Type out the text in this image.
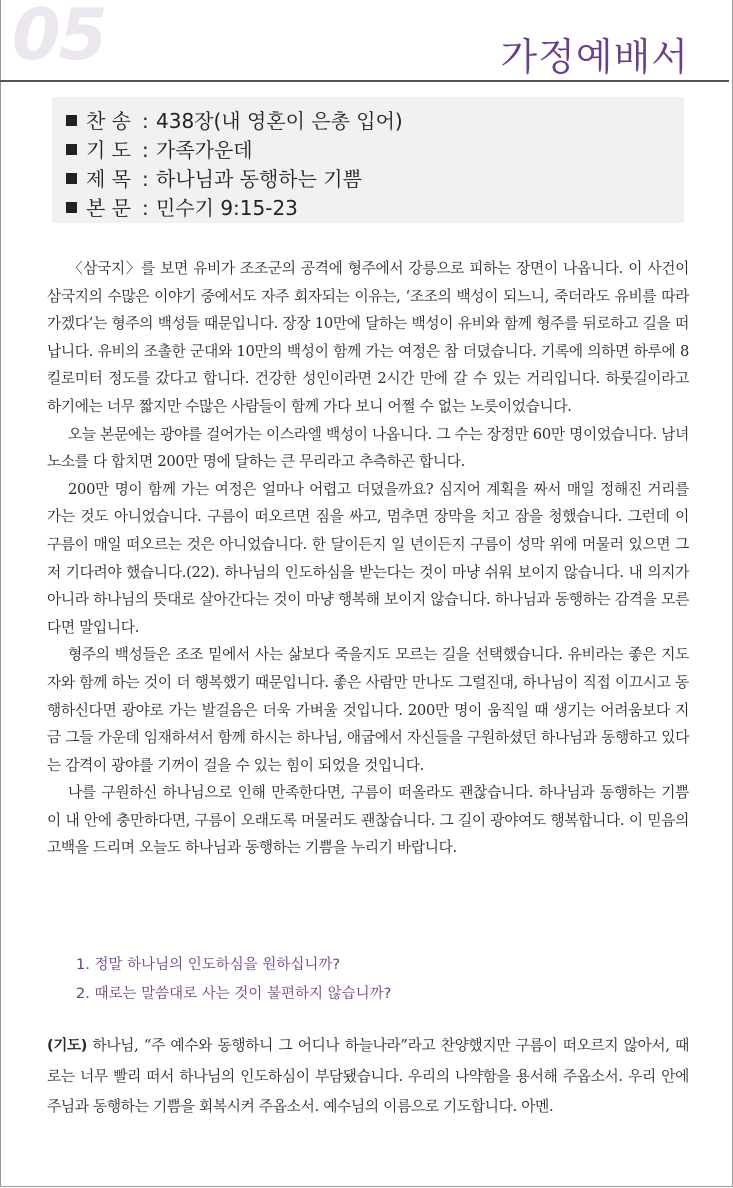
05	가정예배서
찬 송 : 438장(내 영혼이 은총 입어)
기 도 : 가족가운데
제 목 : 하나님과 동행하는 기쁨
본 문 : 민수기 9:15-23

〈삼국지〉를 보면 유비가 조조군의 공격에 형주에서 강릉으로 피하는 장면이 나옵니다. 이 사건이 삼국지의 수많은 이야기 중에서도 자주 회자되는 이유는, ‘조조의 백성이 되느니, 죽더라도 유비를 따라가겠다’는 형주의 백성들 때문입니다. 장장 10만에 달하는 백성이 유비와 함께 형주를 뒤로하고 길을 떠납니다. 유비의 조촐한 군대와 10만의 백성이 함께 가는 여정은 참 더뎠습니다. 기록에 의하면 하루에 8킬로미터 정도를 갔다고 합니다. 건강한 성인이라면 2시간 만에 갈 수 있는 거리입니다. 하룻길이라고 하기에는 너무 짧지만 수많은 사람들이 함께 가다 보니 어쩔 수 없는 노릇이었습니다.

오늘 본문에는 광야를 걸어가는 이스라엘 백성이 나옵니다. 그 수는 장정만 60만 명이었습니다. 남녀노소를 다 합치면 200만 명에 달하는 큰 무리라고 추측하곤 합니다.

200만 명이 함께 가는 여정은 얼마나 어렵고 더뎠을까요? 심지어 계획을 짜서 매일 정해진 거리를 가는 것도 아니었습니다. 구름이 떠오르면 짐을 싸고, 멈추면 장막을 치고 잠을 청했습니다. 그런데 이 구름이 매일 떠오르는 것은 아니었습니다. 한 달이든지 일 년이든지 구름이 성막 위에 머물러 있으면 그저 기다려야 했습니다.(22). 하나님의 인도하심을 받는다는 것이 마냥 쉬워 보이지 않습니다. 내 의지가 아니라 하나님의 뜻대로 살아간다는 것이 마냥 행복해 보이지 않습니다. 하나님과 동행하는 감격을 모른다면 말입니다.

형주의 백성들은 조조 밑에서 사는 삶보다 죽을지도 모르는 길을 선택했습니다. 유비라는 좋은 지도자와 함께 하는 것이 더 행복했기 때문입니다. 좋은 사람만 만나도 그럴진대, 하나님이 직접 이끄시고 동행하신다면 광야로 가는 발걸음은 더욱 가벼울 것입니다. 200만 명이 움직일 때 생기는 어려움보다 지금 그들 가운데 임재하셔서 함께 하시는 하나님, 애굽에서 자신들을 구원하셨던 하나님과 동행하고 있다는 감격이 광야를 기꺼이 걸을 수 있는 힘이 되었을 것입니다.

나를 구원하신 하나님으로 인해 만족한다면, 구름이 떠올라도 괜찮습니다. 하나님과 동행하는 기쁨이 내 안에 충만하다면, 구름이 오래도록 머물러도 괜찮습니다. 그 길이 광야여도 행복합니다. 이 믿음의 고백을 드리며 오늘도 하나님과 동행하는 기쁨을 누리기 바랍니다.

1. 정말 하나님의 인도하심을 원하십니까?
2. 때로는 말씀대로 사는 것이 불편하지 않습니까?
(기도) 하나님, “주 예수와 동행하니 그 어디나 하늘나라”라고 찬양했지만 구름이 떠오르지 않아서, 때로는 너무 빨리 떠서 하나님의 인도하심이 부담됐습니다. 우리의 나약함을 용서해 주옵소서. 우리 안에 주님과 동행하는 기쁨을 회복시켜 주옵소서. 예수님의 이름으로 기도합니다. 아멘.
